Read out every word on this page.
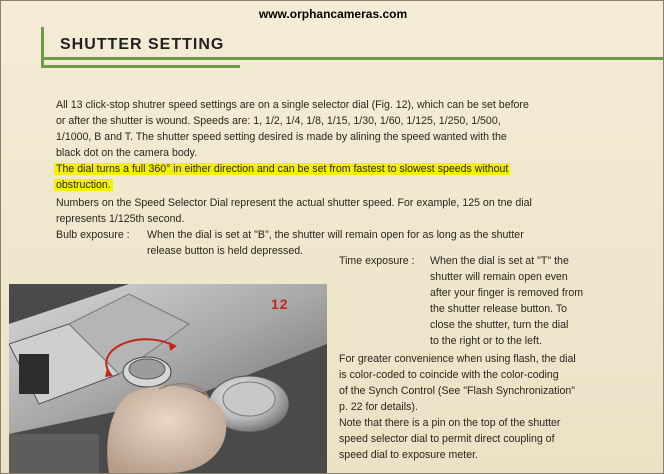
www.orphancameras.com
SHUTTER SETTING
All 13 click-stop shutrer speed settings are on a single selector dial (Fig. 12), which can be set before
or after the shutter is wound. Speeds are: 1, 1/2, 1/4, 1/8, 1/15, 1/30, 1/60, 1/125, 1/250, 1/500,
1/1000, B and T. The shutter speed setting desired is made by alining the speed wanted with the
black dot on the camera body.
The dial turns a full 360° in either direction and can be set from fastest to slowest speeds without
obstruction.
Numbers on the Speed Selector Dial represent the actual shutter speed. For example, 125 on tne dial
represents 1/125th second.
Bulb exposure : When the dial is set at "B", the shutter will remain open for as long as the shutter
release button is held depressed.
Time exposure : When the dial is set at "T" the
shutter will remain open even
after your finger is removed from
the shutter release button. To
close the shutter, turn the dial
to the right or to the left.
For greater convenience when using flash, the dial
is color-coded to coincide with the color-coding
of the Synch Control (See "Flash Synchronization"
p. 22 for details).
Note that there is a pin on the top of the shutter
speed selector dial to permit direct coupling of
speed dial to exposure meter.
12
